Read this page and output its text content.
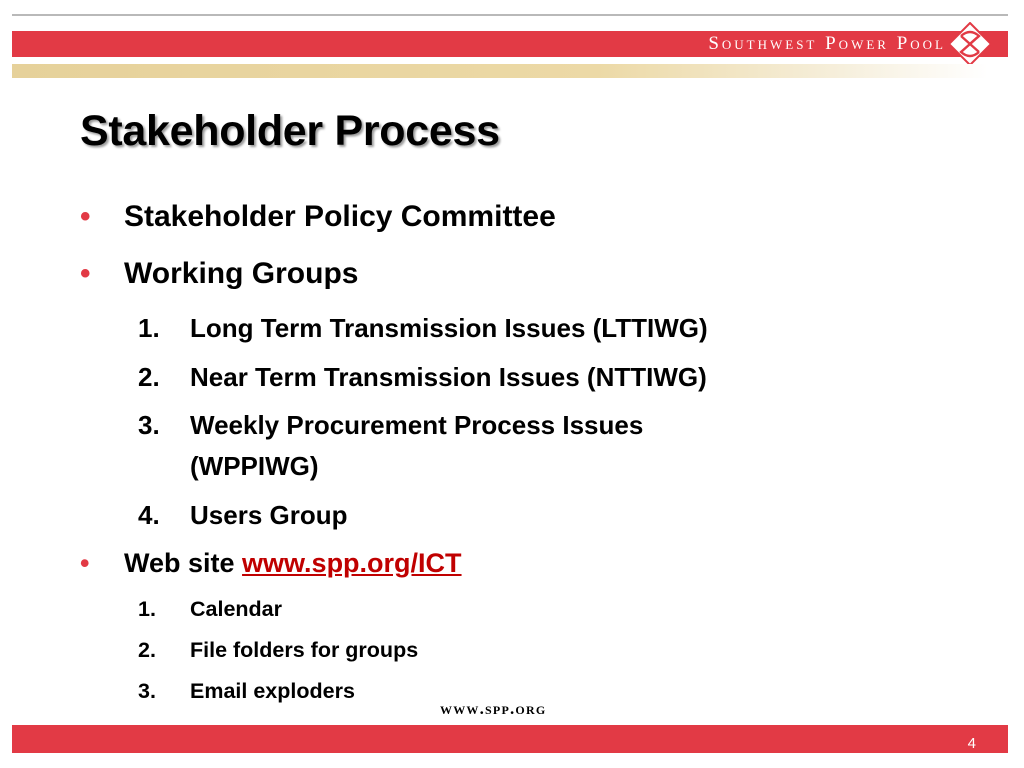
Southwest Power Pool
Stakeholder Process
• Stakeholder Policy Committee
• Working Groups
1. Long Term Transmission Issues (LTTIWG)
2. Near Term Transmission Issues (NTTIWG)
3. Weekly Procurement Process Issues
(WPPIWG)
4. Users Group
• Web site www.spp.org/ICT
1. Calendar
2. File folders for groups
3. Email exploders
www.spp.org
4
